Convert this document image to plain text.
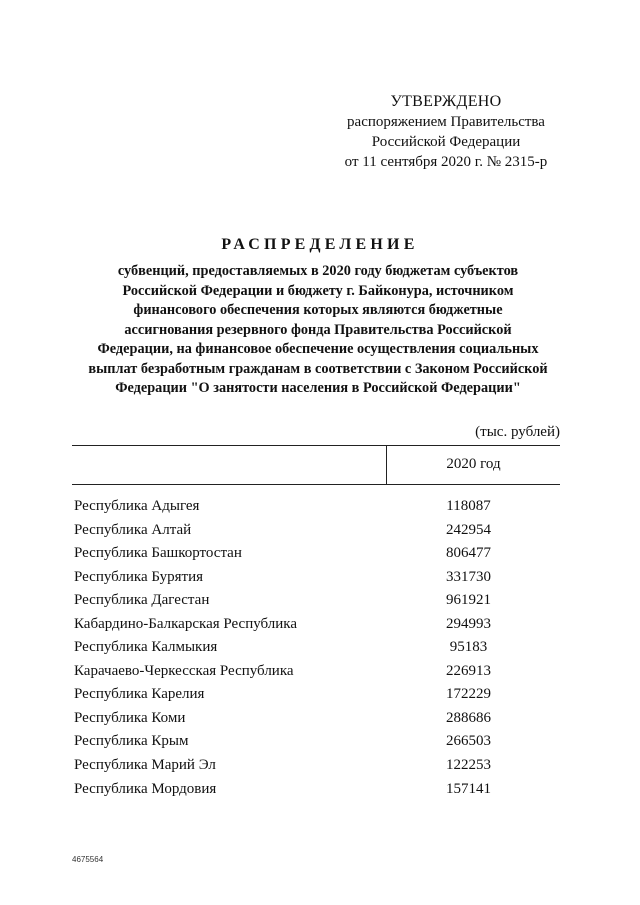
УТВЕРЖДЕНО
распоряжением Правительства
Российской Федерации
от 11 сентября 2020 г. № 2315-р
РАСПРЕДЕЛЕНИЕ
субвенций, предоставляемых в 2020 году бюджетам субъектов
Российской Федерации и бюджету г. Байконура, источником
финансового обеспечения которых являются бюджетные
ассигнования резервного фонда Правительства Российской
Федерации, на финансовое обеспечение осуществления социальных
выплат безработным гражданам в соответствии с Законом Российской
Федерации "О занятости населения в Российской Федерации"
(тыс. рублей)
2020 год
Республика Адыгея	118087
Республика Алтай	242954
Республика Башкортостан	806477
Республика Бурятия	331730
Республика Дагестан	961921
Кабардино-Балкарская Республика	294993
Республика Калмыкия	95183
Карачаево-Черкесская Республика	226913
Республика Карелия	172229
Республика Коми	288686
Республика Крым	266503
Республика Марий Эл	122253
Республика Мордовия	157141
4675564
